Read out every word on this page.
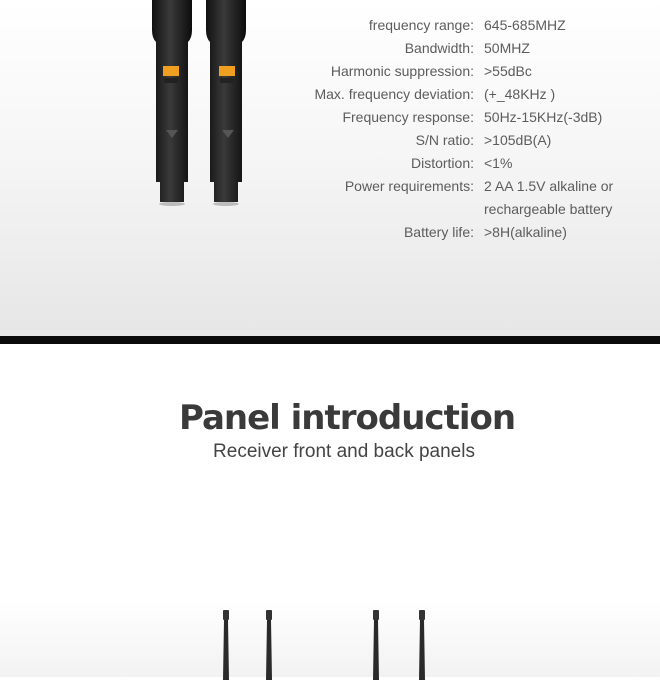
frequency range: 645-685MHZ
Bandwidth: 50MHZ
Harmonic suppression: >55dBc
Max. frequency deviation: (+_48KHz )
Frequency response: 50Hz-15KHz(-3dB)
S/N ratio: >105dB(A)
Distortion: <1%
Power requirements: 2 AA 1.5V alkaline or
rechargeable battery
Battery life: >8H(alkaline)
Panel introduction
Receiver front and back panels
